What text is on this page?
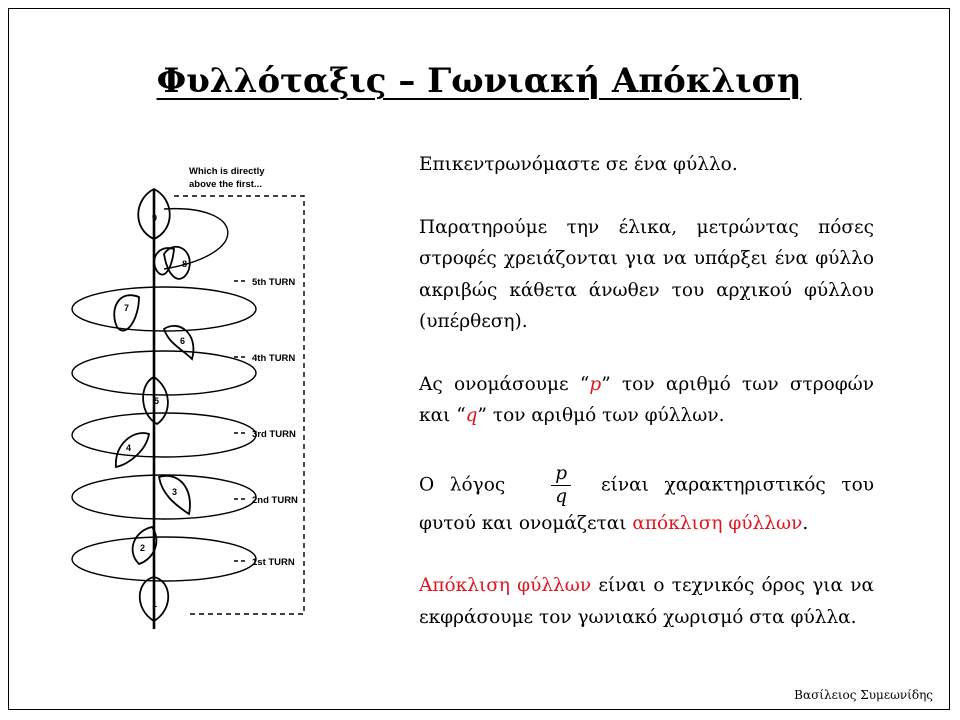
Φυλλόταξις – Γωνιακή Απόκλιση
Which is directly
above the first...
5th TURN
4th TURN
3rd TURN
2nd TURN
1st TURN
1
2
3
4
5
6
7
8
9

Επικεντρωνόμαστε σε ένα φύλλο.

Παρατηρούμε την έλικα, μετρώντας πόσες στροφές χρειάζονται για να υπάρξει ένα φύλλο ακριβώς κάθετα άνωθεν του αρχικού φύλλου (υπέρθεση).

Ας ονομάσουμε “p” τον αριθμό των στροφών και “q” τον αριθμό των φύλλων.

Ο λόγος $\frac{p}{q}$ είναι χαρακτηριστικός του φυτού και ονομάζεται απόκλιση φύλλων.

Απόκλιση φύλλων είναι ο τεχνικός όρος για να εκφράσουμε τον γωνιακό χωρισμό στα φύλλα.

Βασίλειος Συμεωνίδης
